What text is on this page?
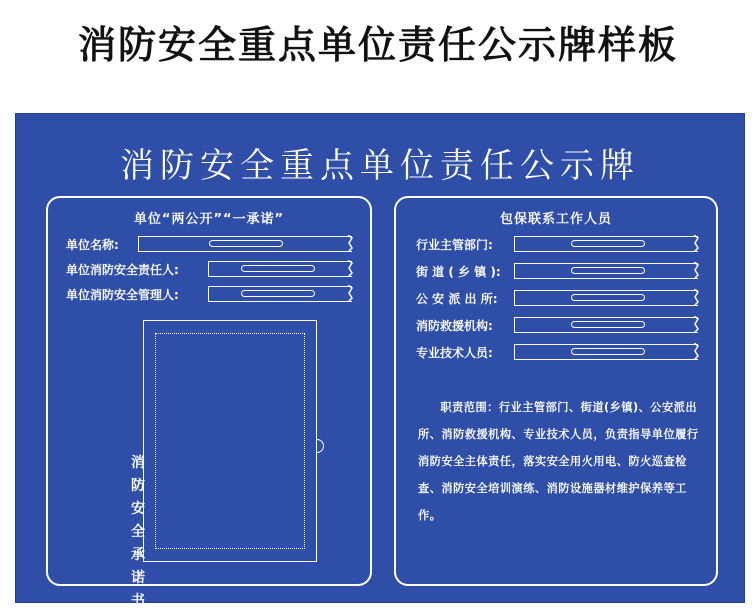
消防安全重点单位责任公示牌样板
消防安全重点单位责任公示牌
单位“两公开”“一承诺”
单位名称:
单位消防安全责任人:
单位消防安全管理人:
消防安全承诺书
包保联系工作人员
行业主管部门:
街 道 ( 乡 镇 ):
公 安 派 出 所:
消防救援机构:
专业技术人员:
职责范围：行业主管部门、街道(乡镇)、公安派出所、消防救援机构、专业技术人员，负责指导单位履行消防安全主体责任，落实安全用火用电、防火巡查检查、消防安全培训演练、消防设施器材维护保养等工作。
